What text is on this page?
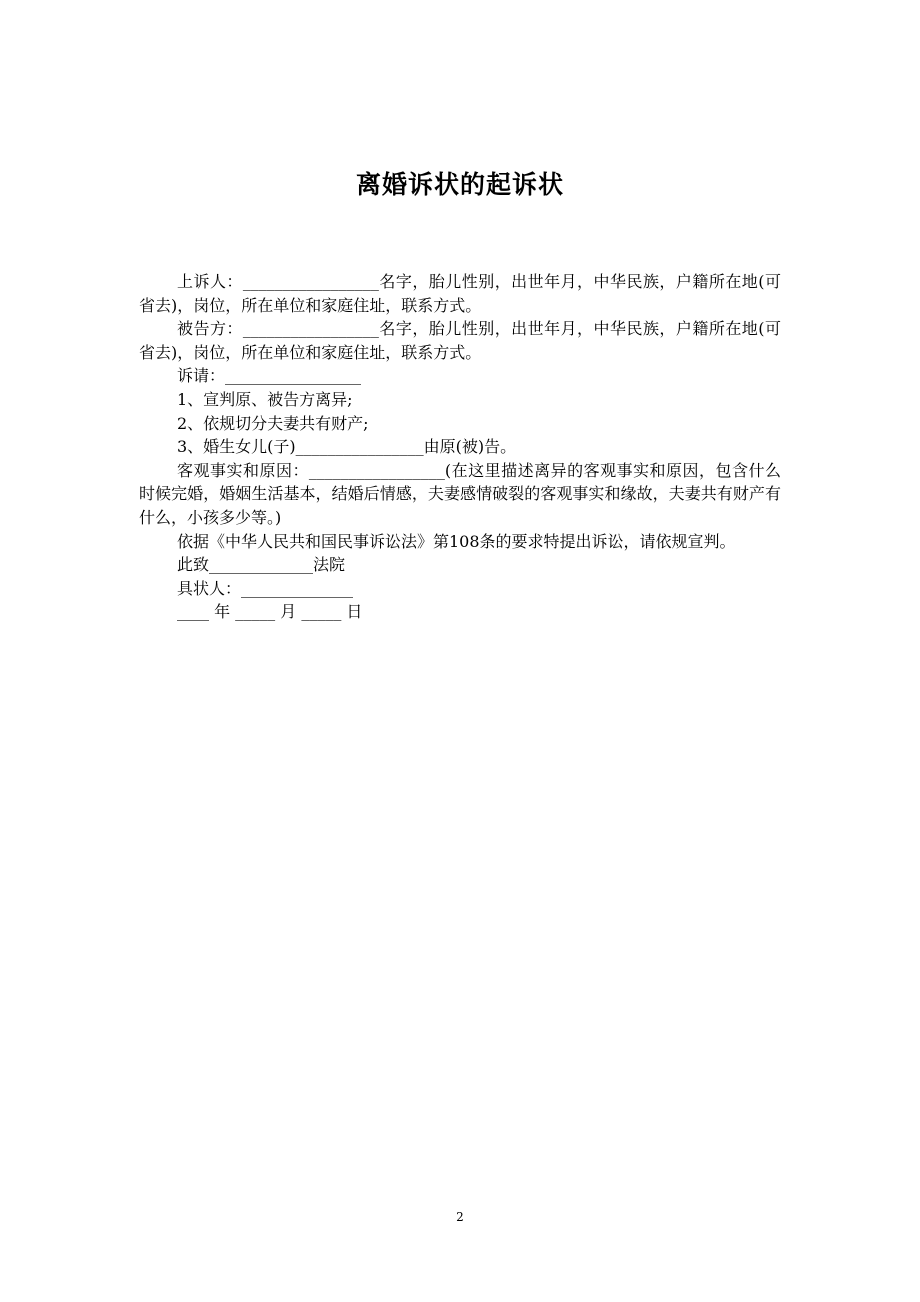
离婚诉状的起诉状

上诉人：_________________名字，胎儿性别，出世年月，中华民族，户籍所在地(可省去)，岗位，所在单位和家庭住址，联系方式。

被告方：_________________名字，胎儿性别，出世年月，中华民族，户籍所在地(可省去)，岗位，所在单位和家庭住址，联系方式。

诉请：_________________

1、宣判原、被告方离异;

2、依规切分夫妻共有财产;

3、婚生女儿(子)________________由原(被)告。

客观事实和原因：_________________(在这里描述离异的客观事实和原因，包含什么时候完婚，婚姻生活基本，结婚后情感，夫妻感情破裂的客观事实和缘故，夫妻共有财产有什么，小孩多少等。)

依据《中华人民共和国民事诉讼法》第108条的要求特提出诉讼，请依规宣判。

此致_____________法院

具状人：______________

____ 年 _____ 月 _____ 日

2
